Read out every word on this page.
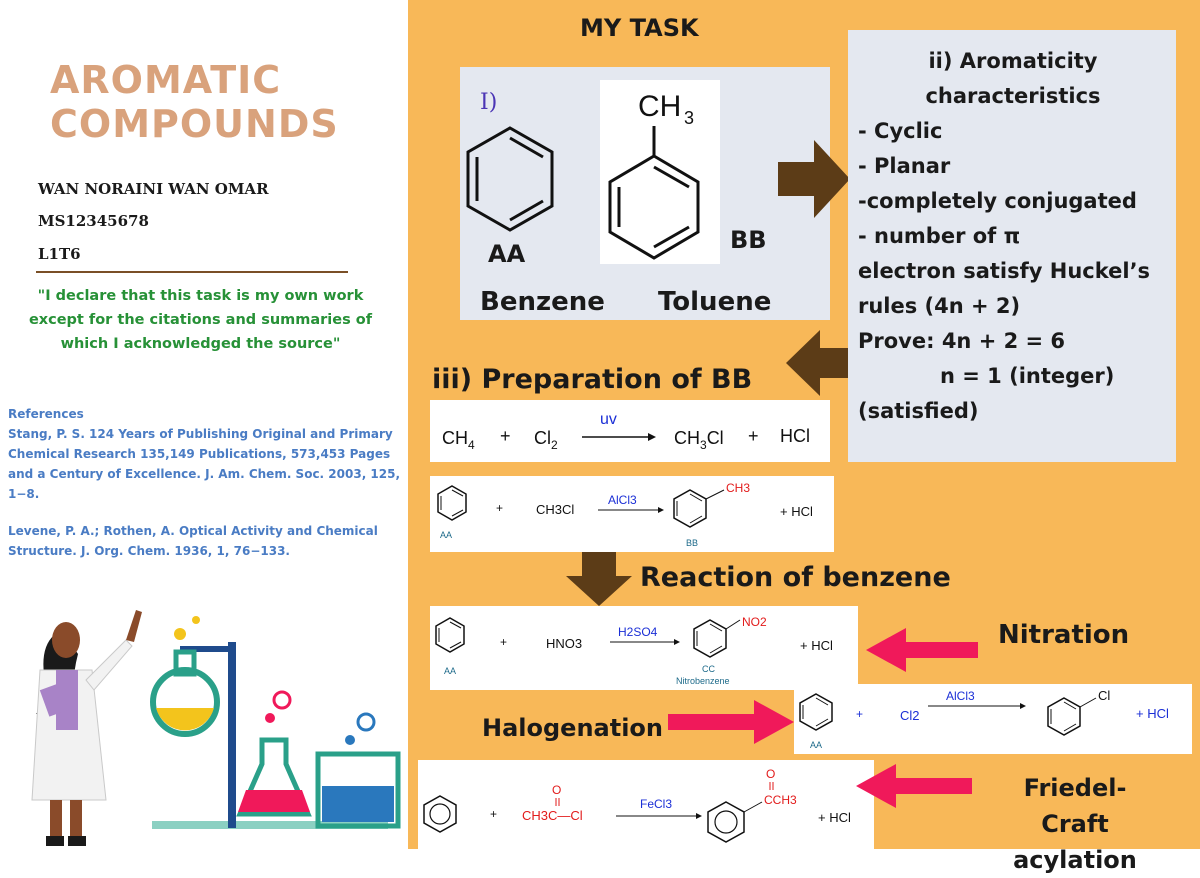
AROMATIC
COMPOUNDS
WAN NORAINI WAN OMAR
MS12345678
L1T6
"I declare that this task is my own work except for the citations and summaries of which I acknowledged the source"
References
Stang, P. S. 124 Years of Publishing Original and Primary Chemical Research 135,149 Publications, 573,453 Pages and a Century of Excellence. J. Am. Chem. Soc. 2003, 125, 1−8.
Levene, P. A.; Rothen, A. Optical Activity and Chemical Structure. J. Org. Chem. 1936, 1, 76−133.
MY TASK
I)	CH 3
AA	BB
Benzene Toluene
ii) Aromaticity
characteristics
- Cyclic
- Planar
-completely conjugated
- number of π
electron satisfy Huckel’s
rules (4n + 2)
Prove: 4n + 2 = 6
n = 1 (integer)
(satisfied)
iii) Preparation of BB
$CH_4 + Cl_2$
uv
$CH_3Cl$ + HCl
AA
+	CH3Cl
AlCl3
CH3
BB
+ HCl
Reaction of benzene
AA
+	HNO3
H2SO4
NO2
CC
Nitrobenzene
+ HCl	Nitration
Halogenation
AA
+	Cl2
AlCl3	Cl
+ HCl
+
O
CH3C—Cl
FeCl3
O
CCH3
+ HCl
Friedel-Craft
acylation
